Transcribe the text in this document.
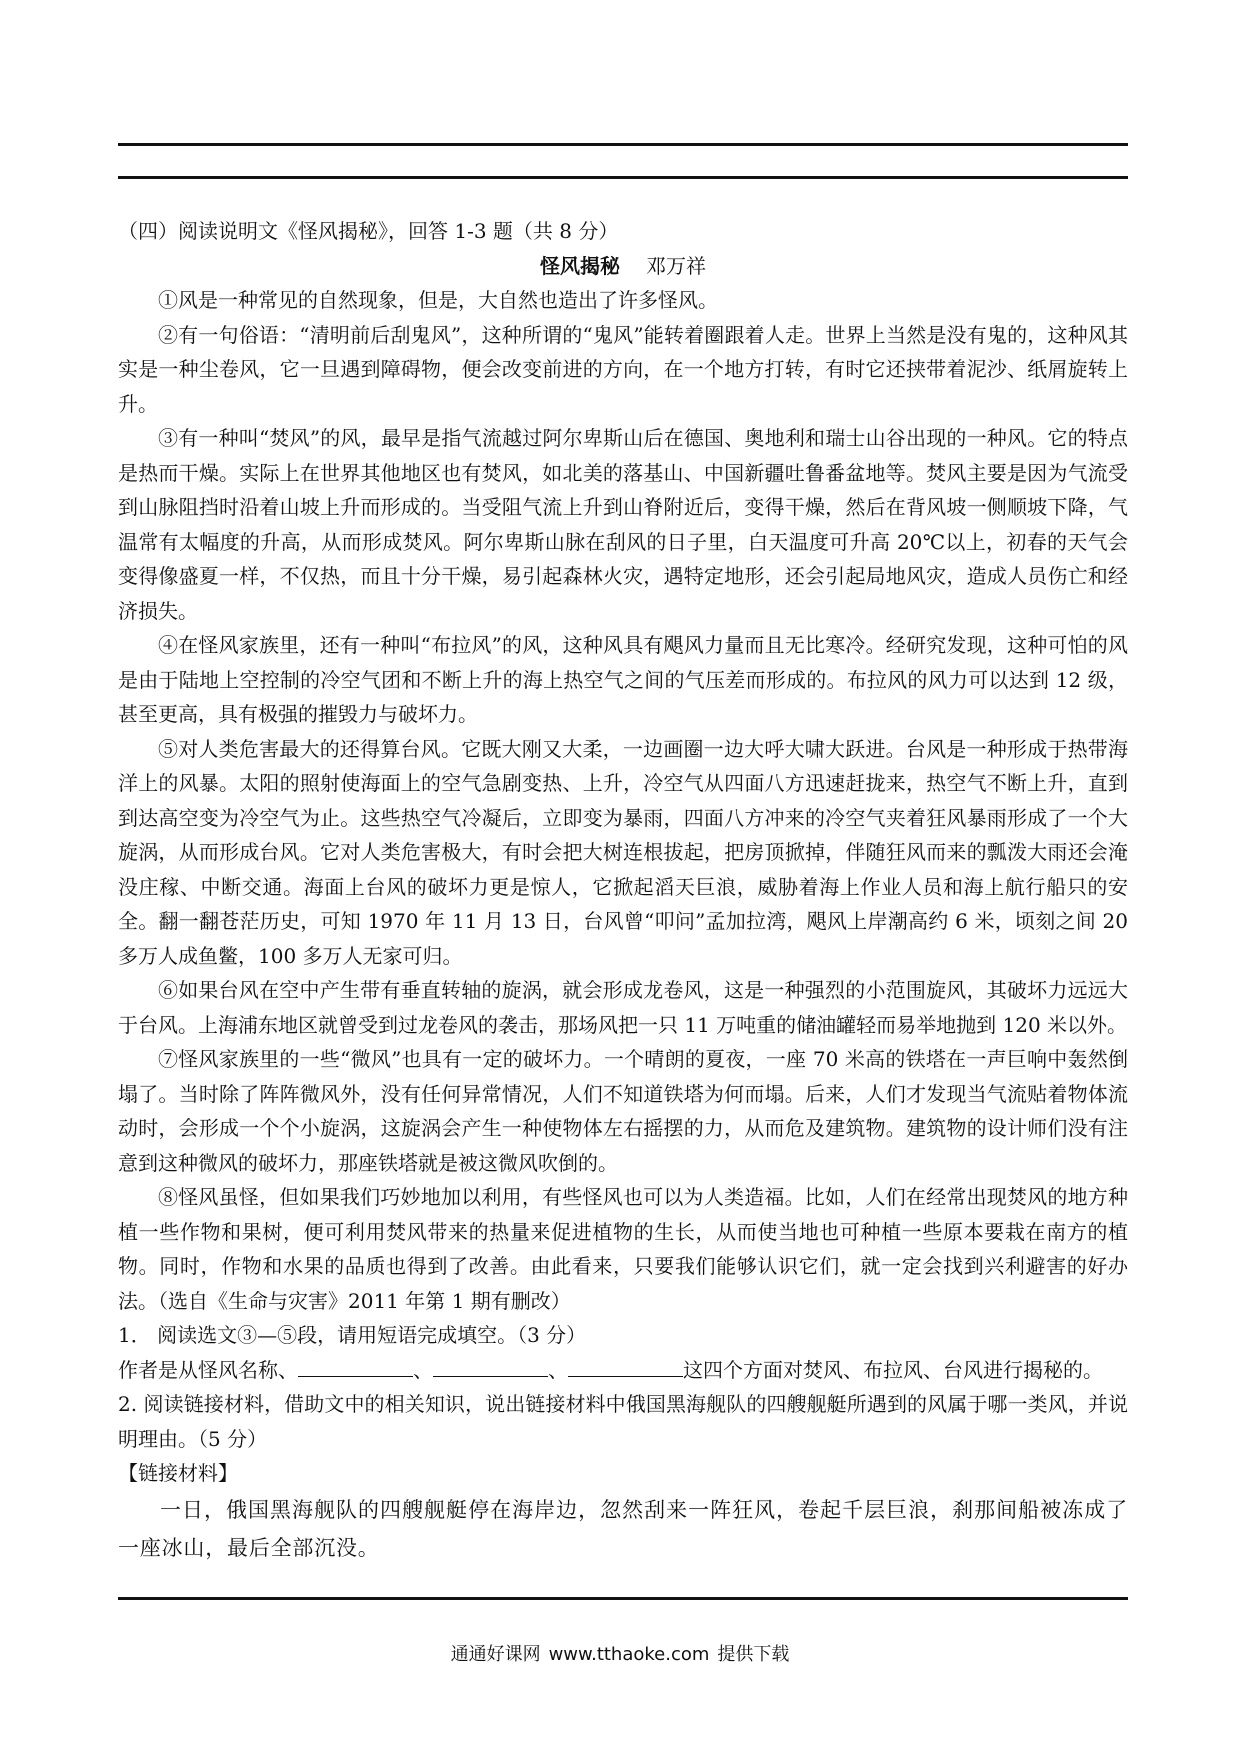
（四）阅读说明文《怪风揭秘》，回答 1-3 题（共 8 分）

怪风揭秘 邓万祥

①风是一种常见的自然现象，但是，大自然也造出了许多怪风。

②有一句俗语：“清明前后刮鬼风”，这种所谓的“鬼风”能转着圈跟着人走。世界上当然是没有鬼的，这种风其实是一种尘卷风，它一旦遇到障碍物，便会改变前进的方向，在一个地方打转，有时它还挟带着泥沙、纸屑旋转上升。

③有一种叫“焚风”的风，最早是指气流越过阿尔卑斯山后在德国、奥地利和瑞士山谷出现的一种风。它的特点是热而干燥。实际上在世界其他地区也有焚风，如北美的落基山、中国新疆吐鲁番盆地等。焚风主要是因为气流受到山脉阻挡时沿着山坡上升而形成的。当受阻气流上升到山脊附近后，变得干燥，然后在背风坡一侧顺坡下降，气温常有太幅度的升高，从而形成焚风。阿尔卑斯山脉在刮风的日子里，白天温度可升高 20℃以上，初春的天气会变得像盛夏一样，不仅热，而且十分干燥，易引起森林火灾，遇特定地形，还会引起局地风灾，造成人员伤亡和经济损失。

④在怪风家族里，还有一种叫“布拉风”的风，这种风具有飓风力量而且无比寒冷。经研究发现，这种可怕的风是由于陆地上空控制的冷空气团和不断上升的海上热空气之间的气压差而形成的。布拉风的风力可以达到 12 级，甚至更高，具有极强的摧毁力与破坏力。

⑤对人类危害最大的还得算台风。它既大刚又大柔，一边画圈一边大呼大啸大跃进。台风是一种形成于热带海洋上的风暴。太阳的照射使海面上的空气急剧变热、上升，冷空气从四面八方迅速赶拢来，热空气不断上升，直到到达高空变为冷空气为止。这些热空气冷凝后，立即变为暴雨，四面八方冲来的冷空气夹着狂风暴雨形成了一个大旋涡，从而形成台风。它对人类危害极大，有时会把大树连根拔起，把房顶掀掉，伴随狂风而来的瓢泼大雨还会淹没庄稼、中断交通。海面上台风的破坏力更是惊人，它掀起滔天巨浪，威胁着海上作业人员和海上航行船只的安全。翻一翻苍茫历史，可知 1970 年 11 月 13 日，台风曾“叩问”孟加拉湾，飓风上岸潮高约 6 米，顷刻之间 20 多万人成鱼鳖，100 多万人无家可归。

⑥如果台风在空中产生带有垂直转轴的旋涡，就会形成龙卷风，这是一种强烈的小范围旋风，其破坏力远远大于台风。上海浦东地区就曾受到过龙卷风的袭击，那场风把一只 11 万吨重的储油罐轻而易举地抛到 120 米以外。

⑦怪风家族里的一些“微风”也具有一定的破坏力。一个晴朗的夏夜，一座 70 米高的铁塔在一声巨响中轰然倒塌了。当时除了阵阵微风外，没有任何异常情况，人们不知道铁塔为何而塌。后来，人们才发现当气流贴着物体流动时，会形成一个个小旋涡，这旋涡会产生一种使物体左右摇摆的力，从而危及建筑物。建筑物的设计师们没有注意到这种微风的破坏力，那座铁塔就是被这微风吹倒的。

⑧怪风虽怪，但如果我们巧妙地加以利用，有些怪风也可以为人类造福。比如，人们在经常出现焚风的地方种植一些作物和果树，便可利用焚风带来的热量来促进植物的生长，从而使当地也可种植一些原本要栽在南方的植物。同时，作物和水果的品质也得到了改善。由此看来，只要我们能够认识它们，就一定会找到兴利避害的好办法。（选自《生命与灾害》2011 年第 1 期有删改）

1． 阅读选文③—⑤段，请用短语完成填空。（3 分）

作者是从怪风名称、	、	、	这四个方面对焚风、布拉风、台风进行揭秘的。

2. 阅读链接材料，借助文中的相关知识，说出链接材料中俄国黑海舰队的四艘舰艇所遇到的风属于哪一类风，并说明理由。（5 分）

【链接材料】

一日，俄国黑海舰队的四艘舰艇停在海岸边，忽然刮来一阵狂风，卷起千层巨浪，刹那间船被冻成了一座冰山，最后全部沉没。

通通好课网 www.tthaoke.com 提供下载
